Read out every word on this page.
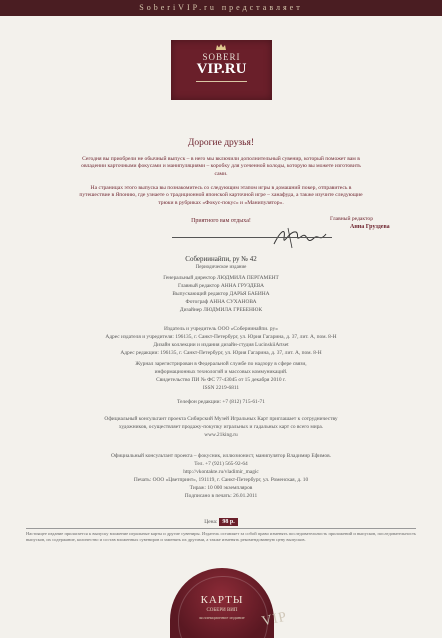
SoberiVIP.ru представляет
SOBERI
VIP.RU
Дорогие друзья!
Сегодня вы приобрели не обычный выпуск – в него мы включили дополнительный сувенир, который поможет вам в овладении карточными фокусами и манипуляциями – коробку для усеченной колоды, которую вы можете изготовить сами.
На страницах этого выпуска вы познакомитесь со следующим этапом игры в домашний покер, отправитесь в путешествие в Японию, где узнаете о традиционной японской карточной игре – ханафуда, а также изучите следующие трюки в рубриках «Фокус-покус» и «Манипулятор».
Приятного вам отдыха!	Главный редактор
Анна Груздева
Собериинайпи, ру № 42
Периодическое издание
Генеральный директор ЛЮДМИЛА ПЕРГАМЕНТ
Главный редактор АННА ГРУЗДЕВА
Выпускающий редактор ДАРЬЯ БАБИНА
Фотограф АННА СУХАНОВА
Дизайнер ЛЮДМИЛА ГРЕБЕНЮК
Издатель и учредитель ООО «Собериинайпи. ру»
Адрес издателя и учредителя: 196135, г. Санкт-Петербург, ул. Юрия Гагарина, д. 37, лит. А, пом. 8-Н
Дизайн коллекции и издания дизайн-студия LucinskiiArtset
Адрес редакции: 196135, г. Санкт-Петербург, ул. Юрия Гагарина, д. 37, лит. А, пом. 8-Н
Журнал зарегистрирован в Федеральной службе по надзору в сфере связи,
информационных технологий и массовых коммуникаций.
Свидетельство ПИ № ФС 77-43045 от 15 декабря 2010 г.
ISSN 2219-6811
Телефон редакции: +7 (812) 715-61-71
Официальный консультант проекта Сибирский Музей Игральных Карт приглашает к сотрудничеству
художников, осуществляет продажу-покупку игральных и гадальных карт со всего мира.
www.21king.ru
Официальный консультант проекта – фокусник, иллюзионист, манипулятор Владимир Ефимов.
Тел. +7 (921) 565-92-64
http://vkontakte.ru/vladimir_magic
Печать: ООО «Цветпринт», 191119, г. Санкт-Петербург, ул. Роменская, д. 10
Тираж: 10 000 экземпляров
Подписано в печать: 26.01.2011
Цена: 98 р.
Настоящее издание прилагается к выпуску вложение игральные карты и другие сувениры. Издатель оставляет за собой право изменять последовательность приложений и выпусков, последовательность выпусков, их содержание, количество и состав вложенных сувениров и заменять их другими, а также изменять рекомендованную цену выпусков.
КАРТЫ
СОБЕРИ ВИП
коллекционное издание	VIP
